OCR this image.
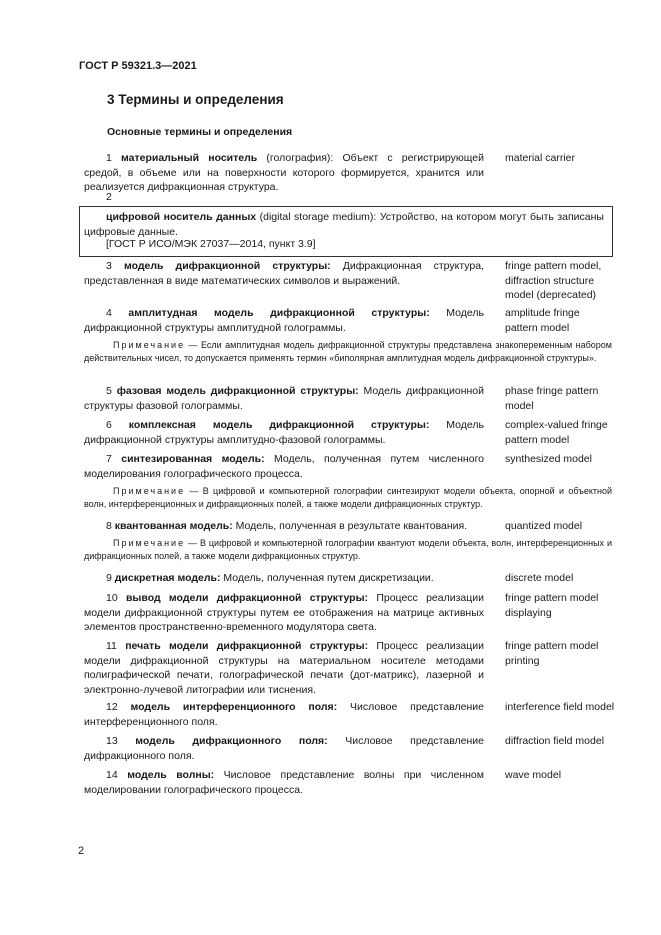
ГОСТ Р 59321.3—2021
3 Термины и определения
Основные термины и определения
1 материальный носитель (голография): Объект с регистрирующей средой, в объеме или на поверхности которого формируется, хранится или реализуется дифракционная структура.
material carrier
2
цифровой носитель данных (digital storage medium): Устройство, на котором могут быть записаны цифровые данные.
[ГОСТ Р ИСО/МЭК 27037—2014, пункт 3.9]
3 модель дифракционной структуры: Дифракционная структура, представленная в виде математических символов и выражений.
fringe pattern model, diffraction structure model (deprecated)
4 амплитудная модель дифракционной структуры: Модель дифракционной структуры амплитудной голограммы.
amplitude fringe pattern model
Примечание — Если амплитудная модель дифракционной структуры представлена знакопеременным набором действительных чисел, то допускается применять термин «биполярная амплитудная модель дифракционной структуры».
5 фазовая модель дифракционной структуры: Модель дифракционной структуры фазовой голограммы.
phase fringe pattern model
6 комплексная модель дифракционной структуры: Модель дифракционной структуры амплитудно-фазовой голограммы.
complex-valued fringe pattern model
7 синтезированная модель: Модель, полученная путем численного моделирования голографического процесса.
synthesized model
Примечание — В цифровой и компьютерной голографии синтезируют модели объекта, опорной и объектной волн, интерференционных и дифракционных полей, а также модели дифракционных структур.
8 квантованная модель: Модель, полученная в результате квантования.	quantized model
Примечание — В цифровой и компьютерной голографии квантуют модели объекта, волн, интерференционных и дифракционных полей, а также модели дифракционных структур.
9 дискретная модель: Модель, полученная путем дискретизации.	discrete model
10 вывод модели дифракционной структуры: Процесс реализации модели дифракционной структуры путем ее отображения на матрице активных элементов пространственно-временного модулятора света.
fringe pattern model displaying
11 печать модели дифракционной структуры: Процесс реализации модели дифракционной структуры на материальном носителе методами полиграфической печати, голографической печати (дот-матрикс), лазерной и электронно-лучевой литографии или тиснения.
fringe pattern model printing
12 модель интерференционного поля: Числовое представление интерференционного поля.
interference field model
13 модель дифракционного поля: Числовое представление дифракционного поля.
diffraction field model
14 модель волны: Числовое представление волны при численном моделировании голографического процесса.
wave model
2
